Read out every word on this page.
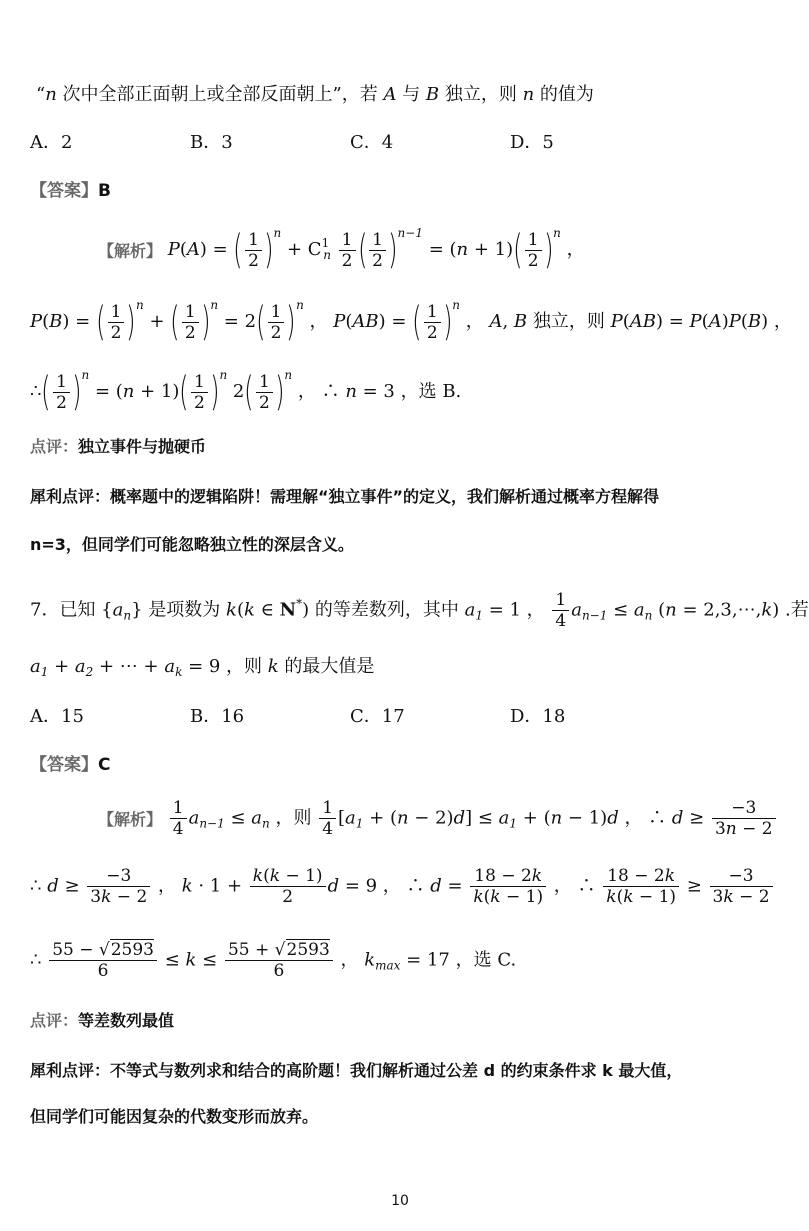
“n 次中全部正面朝上或全部反面朝上”，若 A 与 B 独立，则 n 的值为
A．2	B．3	C．4	D．5
【答案】B
【解析】 P(A) = ( $\frac{1}{2} )^n + C^1_n \frac{1}{2}$ ( $\frac{1}{2} )^{n-1} = (n + 1)( \frac{1}{2} )^n$ ，
P(B) = ( $\frac{1}{2} )^n$ + ( $\frac{1}{2} )^n = 2( \frac{1}{2} )^n$ ， P(AB) = ( $\frac{1}{2} )^n$ ， A, B 独立，则 P(AB) = P(A)P(B) ，
∴( $\frac{1}{2} )^n = (n + 1)( \frac{1}{2} )^n$ $2( \frac{1}{2} )^n$ ， ∴ n = 3 ，选 B.
点评：独立事件与抛硬币
犀利点评：概率题中的逻辑陷阱！需理解“独立事件”的定义，我们解析通过概率方程解得
n=3，但同学们可能忽略独立性的深层含义。
7．已知 $\{a_n\}$ 是项数为 k(k ∈ N*) 的等差数列，其中 $a_1 = 1$ ， $\frac{1}{4} a_{n-1} \le a_n$ (n = 2,3,⋯,k) .若
$a_1 + a_2$ + ⋯ + $a_k = 9$ ，则 k 的最大值是
A．15	B．16	C．17	D．18
【答案】C
【解析】 $\frac{1}{4} a_{n-1} \le a_n$ ，则 $\frac{1}{4} [a_1 + (n - 2)d] \le a_1 + (n - 1)d$ ， ∴ $d \ge \frac{-3}{3n - 2}$
∴ $d \ge \frac{-3}{3k - 2}$ ， $k \cdot 1 + \frac{k(k - 1)}{2}$ d = 9 ， ∴ $d = \frac{18 - 2k}{k(k - 1)}$ ， ∴ $\frac{18 - 2k}{k(k - 1)} \ge \frac{-3}{3k - 2}$
∴ $\frac{55 - √2593}{6} \le k \le \frac{55 + √2593}{6}$ ， $k_{max} = 17$ ，选 C.
点评：等差数列最值
犀利点评：不等式与数列求和结合的高阶题！我们解析通过公差 d 的约束条件求 k 最大值，
但同学们可能因复杂的代数变形而放弃。
10
